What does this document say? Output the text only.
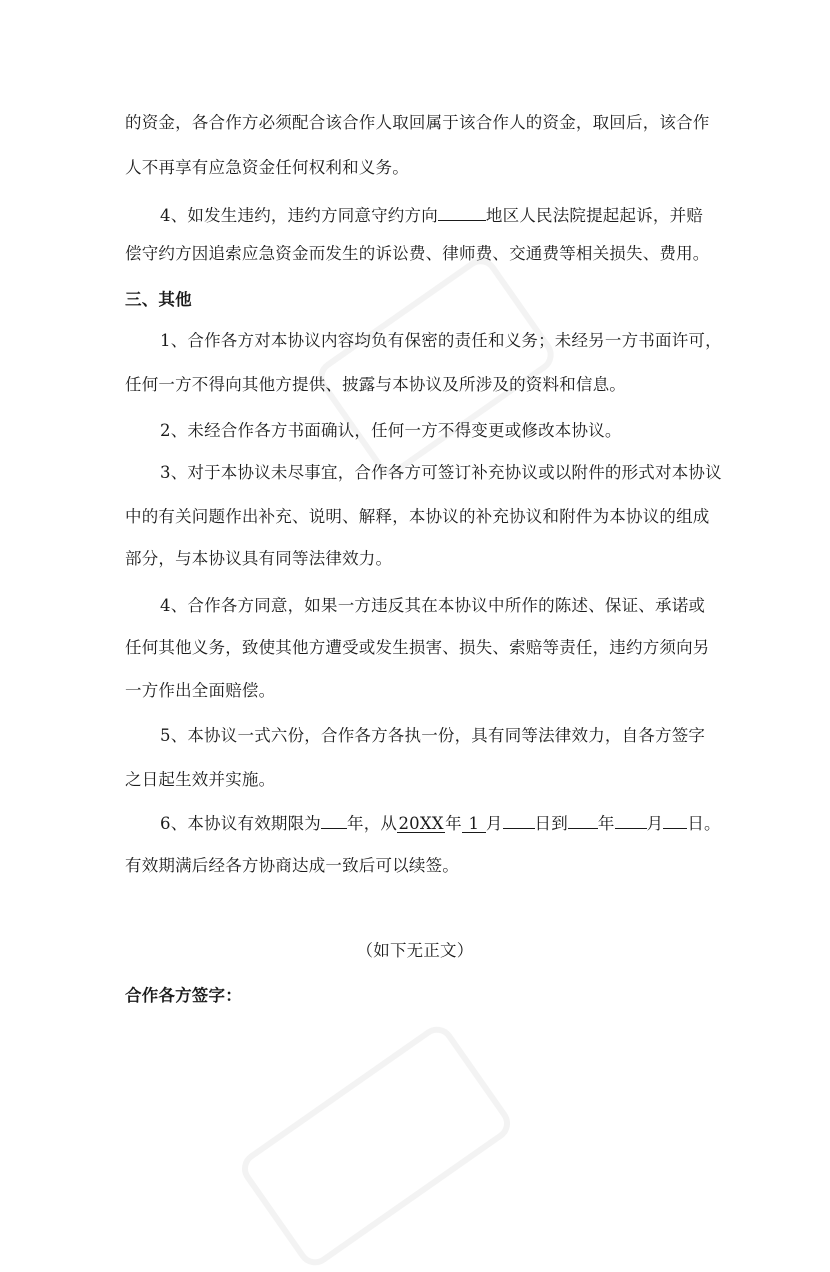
的资金，各合作方必须配合该合作人取回属于该合作人的资金，取回后，该合作
人不再享有应急资金任何权利和义务。
4、如发生违约，违约方同意守约方向	地区人民法院提起起诉，并赔
偿守约方因追索应急资金而发生的诉讼费、律师费、交通费等相关损失、费用。
三、其他
1、合作各方对本协议内容均负有保密的责任和义务；未经另一方书面许可，
任何一方不得向其他方提供、披露与本协议及所涉及的资料和信息。
2、未经合作各方书面确认，任何一方不得变更或修改本协议。
3、对于本协议未尽事宜，合作各方可签订补充协议或以附件的形式对本协议
中的有关问题作出补充、说明、解释，本协议的补充协议和附件为本协议的组成
部分，与本协议具有同等法律效力。
4、合作各方同意，如果一方违反其在本协议中所作的陈述、保证、承诺或
任何其他义务，致使其他方遭受或发生损害、损失、索赔等责任，违约方须向另
一方作出全面赔偿。
5、本协议一式六份，合作各方各执一份，具有同等法律效力，自各方签字
之日起生效并实施。
6、本协议有效期限为 年，从20XX年 1 月 日到 年 月 日。
有效期满后经各方协商达成一致后可以续签。
（如下无正文）
合作各方签字：
